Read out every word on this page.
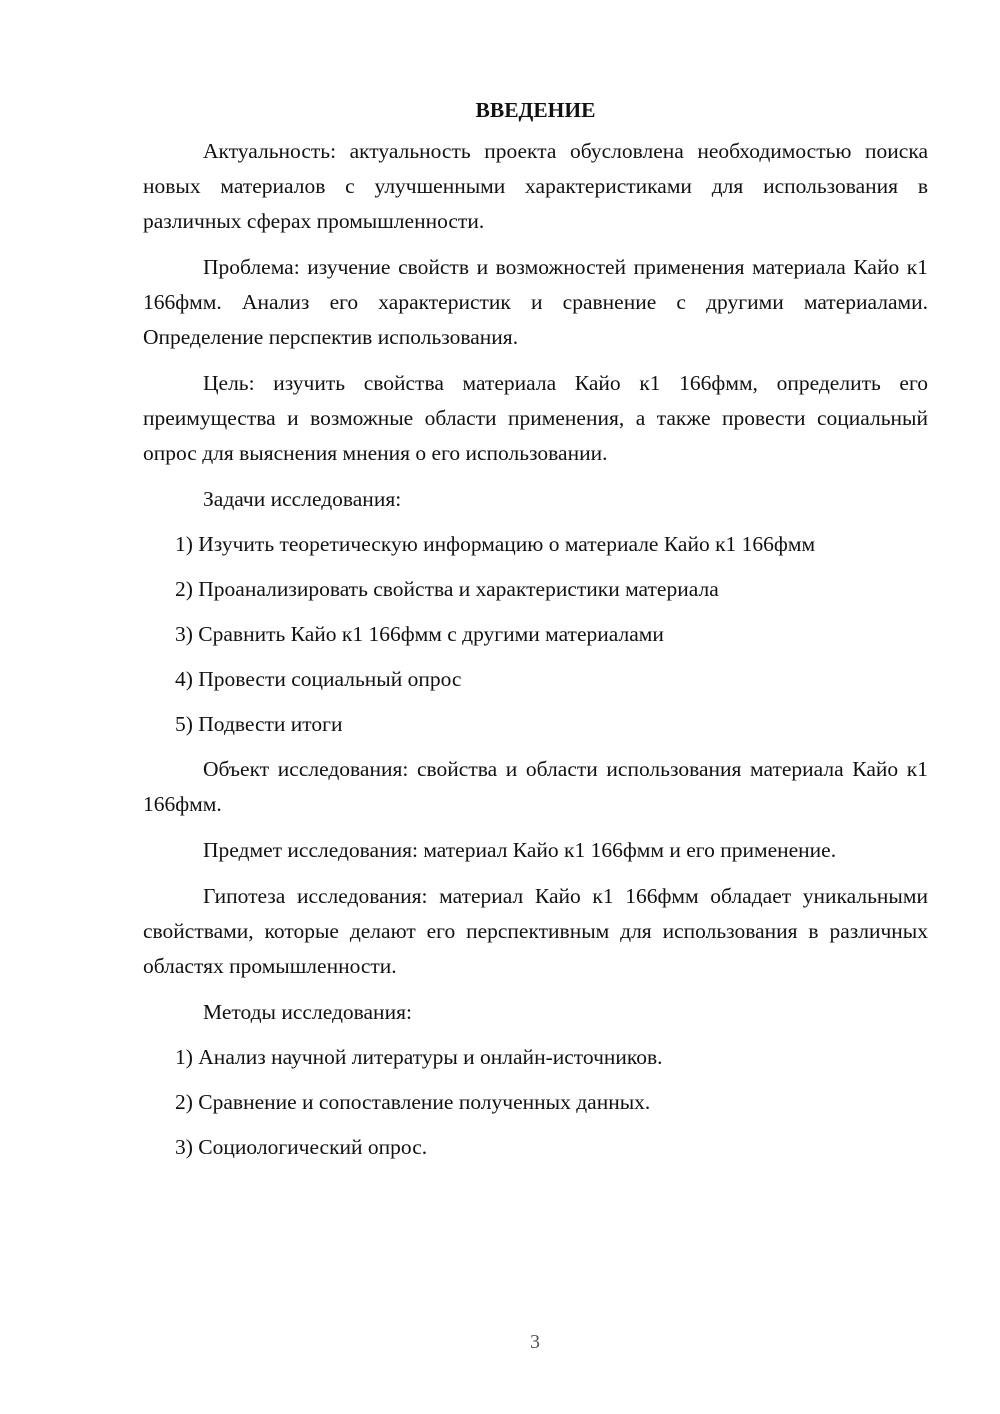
ВВЕДЕНИЕ

Актуальность: актуальность проекта обусловлена необходимостью поиска новых материалов с улучшенными характеристиками для использования в различных сферах промышленности.

Проблема: изучение свойств и возможностей применения материала Кайо к1 166фмм. Анализ его характеристик и сравнение с другими материалами. Определение перспектив использования.

Цель: изучить свойства материала Кайо к1 166фмм, определить его преимущества и возможные области применения, а также провести социальный опрос для выяснения мнения о его использовании.

Задачи исследования:
1) Изучить теоретическую информацию о материале Кайо к1 166фмм
2) Проанализировать свойства и характеристики материала
3) Сравнить Кайо к1 166фмм с другими материалами
4) Провести социальный опрос
5) Подвести итоги

Объект исследования: свойства и области использования материала Кайо к1 166фмм.

Предмет исследования: материал Кайо к1 166фмм и его применение.

Гипотеза исследования: материал Кайо к1 166фмм обладает уникальными свойствами, которые делают его перспективным для использования в различных областях промышленности.

Методы исследования:
1) Анализ научной литературы и онлайн-источников.
2) Сравнение и сопоставление полученных данных.
3) Социологический опрос.
3
